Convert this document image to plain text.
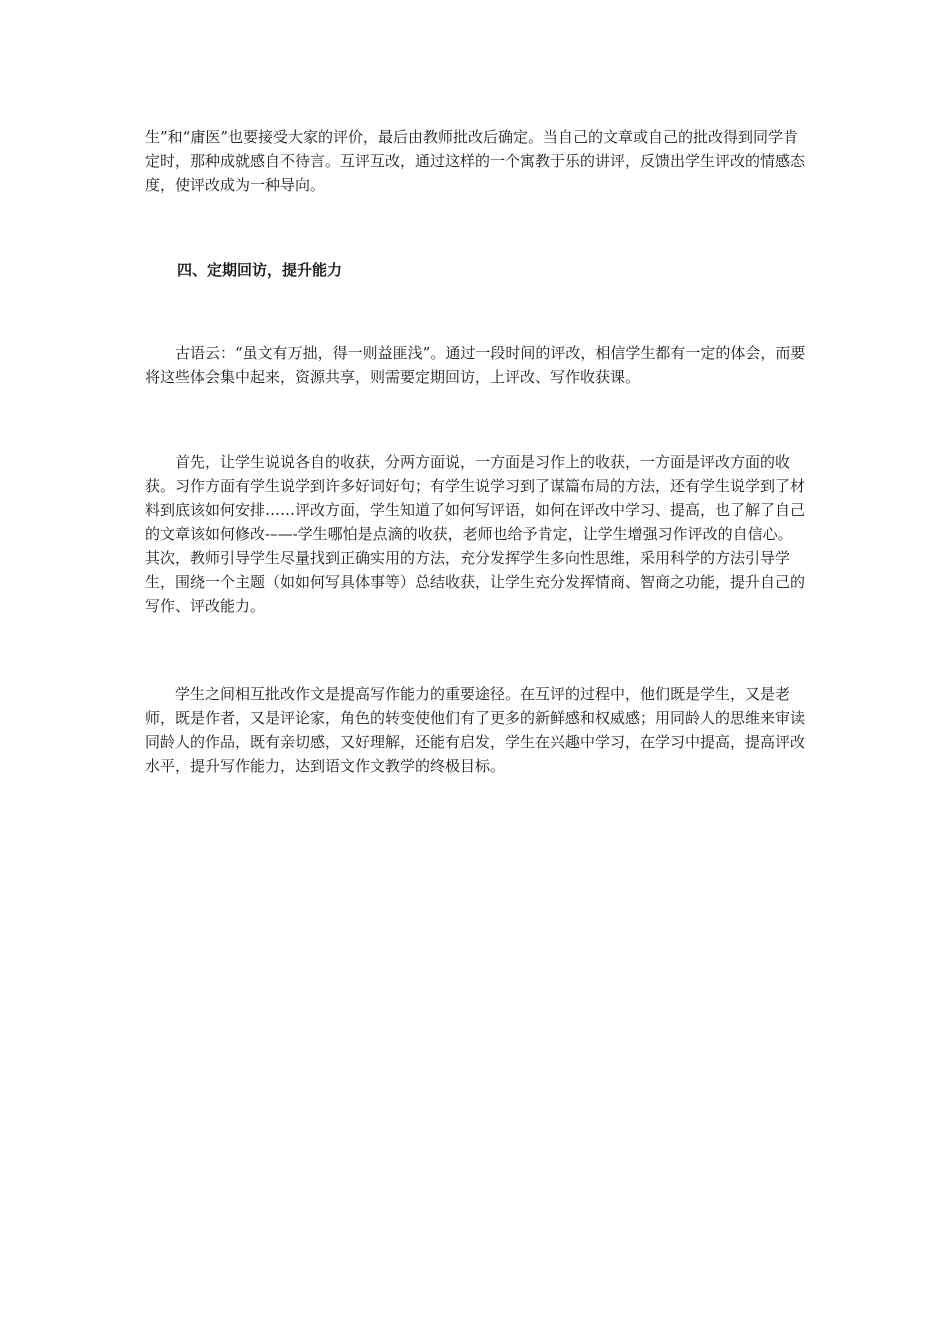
生”和“庸医”也要接受大家的评价，最后由教师批改后确定。当自己的文章或自己的批改得到同学肯定时，那种成就感自不待言。互评互改，通过这样的一个寓教于乐的讲评，反馈出学生评改的情感态度，使评改成为一种导向。

四、定期回访，提升能力

古语云：“虽文有万拙，得一则益匪浅”。通过一段时间的评改，相信学生都有一定的体会，而要将这些体会集中起来，资源共享，则需要定期回访，上评改、写作收获课。

首先，让学生说说各自的收获，分两方面说，一方面是习作上的收获，一方面是评改方面的收获。习作方面有学生说学到许多好词好句；有学生说学习到了谋篇布局的方法，还有学生说学到了材料到底该如何安排……评改方面，学生知道了如何写评语，如何在评改中学习、提高，也了解了自己的文章该如何修改-–—-学生哪怕是点滴的收获，老师也给予肯定，让学生增强习作评改的自信心。其次，教师引导学生尽量找到正确实用的方法，充分发挥学生多向性思维，采用科学的方法引导学生，围绕一个主题（如如何写具体事等）总结收获，让学生充分发挥情商、智商之功能，提升自己的写作、评改能力。

学生之间相互批改作文是提高写作能力的重要途径。在互评的过程中，他们既是学生，又是老师，既是作者，又是评论家，角色的转变使他们有了更多的新鲜感和权威感；用同龄人的思维来审读同龄人的作品，既有亲切感，又好理解，还能有启发，学生在兴趣中学习，在学习中提高，提高评改水平，提升写作能力，达到语文作文教学的终极目标。
